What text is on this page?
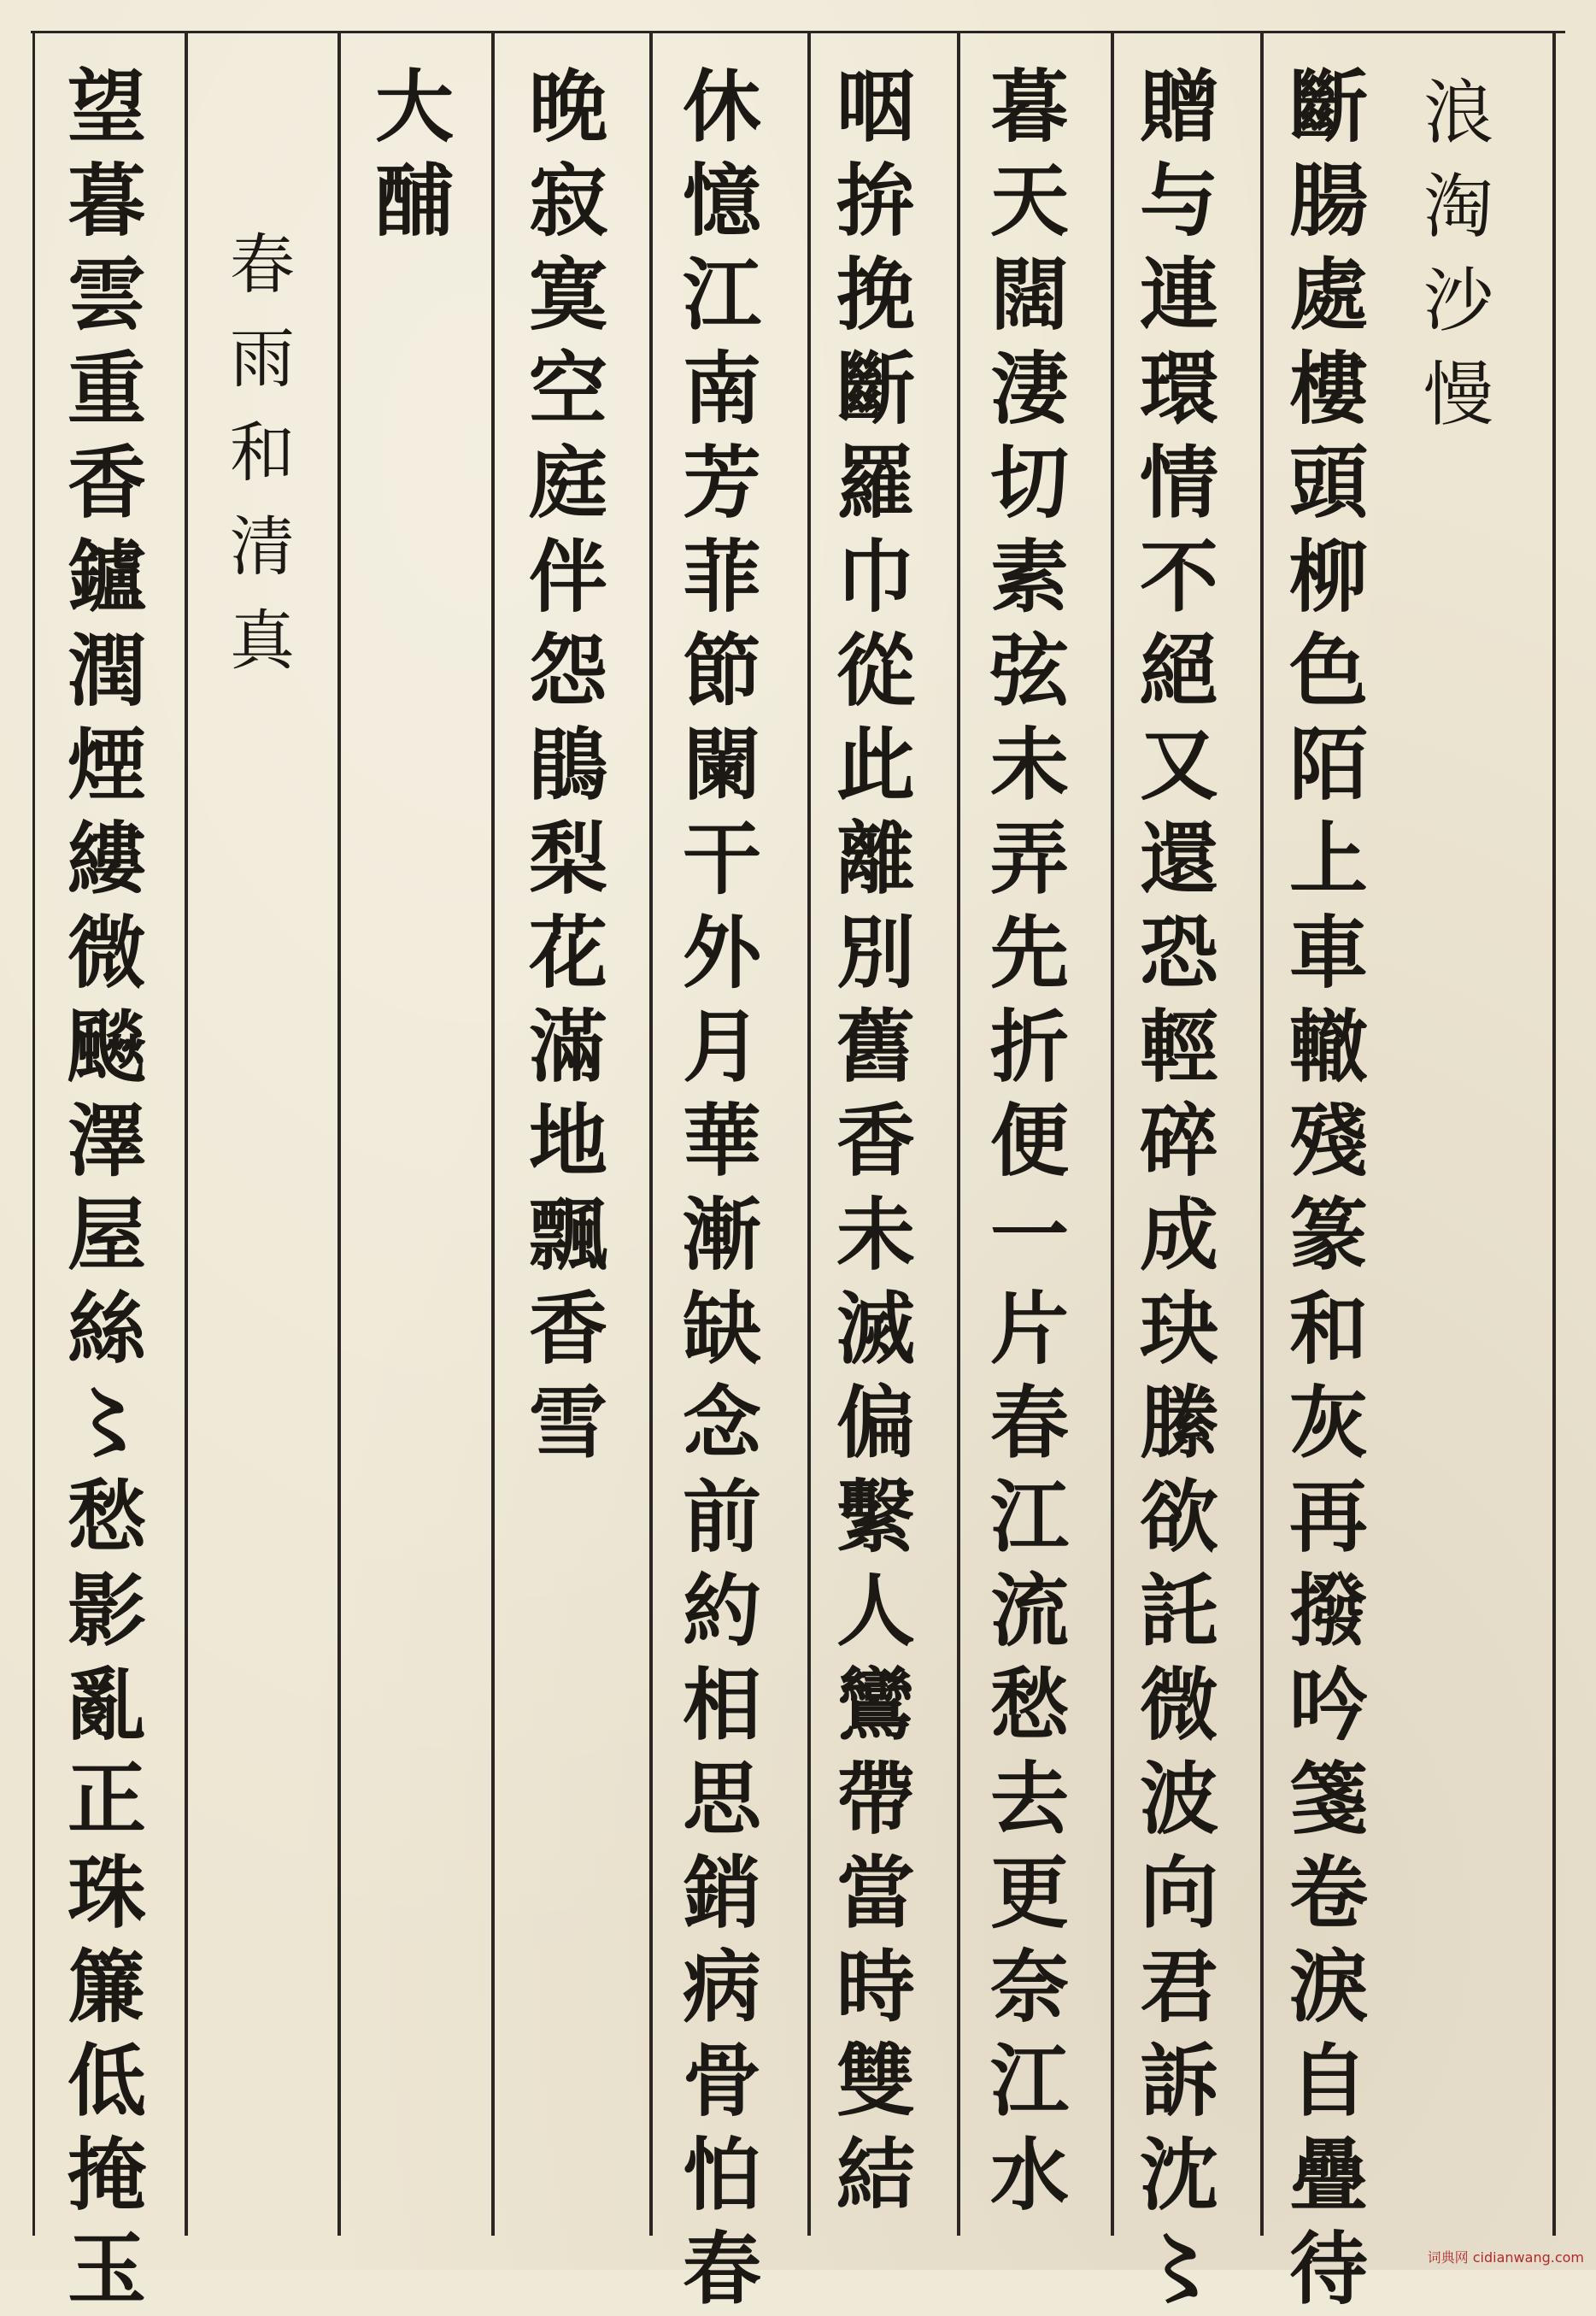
浪
淘
沙
慢
斷
腸
處
樓
頭
柳
色
陌
上
車
轍
殘
篆
和
灰
再
撥
吟
箋
卷
淚
自
疊
待
贈
与
連
環
情
不
絕
又
還
恐
輕
碎
成
玦
縢
欲
託
微
波
向
君
訴
沈
〻
暮
天
闊
淒
切
素
弦
未
弄
先
折
便
一
片
春
江
流
愁
去
更
奈
江
水
咽
拚
挽
斷
羅
巾
從
此
離
別
舊
香
未
滅
偏
繫
人
鸞
帶
當
時
雙
結
休
憶
江
南
芳
菲
節
闌
干
外
月
華
漸
缺
念
前
約
相
思
銷
病
骨
怕
春
晚
寂
寞
空
庭
伴
怨
鵑
梨
花
滿
地
飄
香
雪
大
酺
春
雨
和
清
真
望
暮
雲
重
香
鑪
潤
煙
縷
微
飈
澤
屋
絲
〻
愁
影
亂
正
珠
簾
低
掩
玉	词典网 cidianwang.com
